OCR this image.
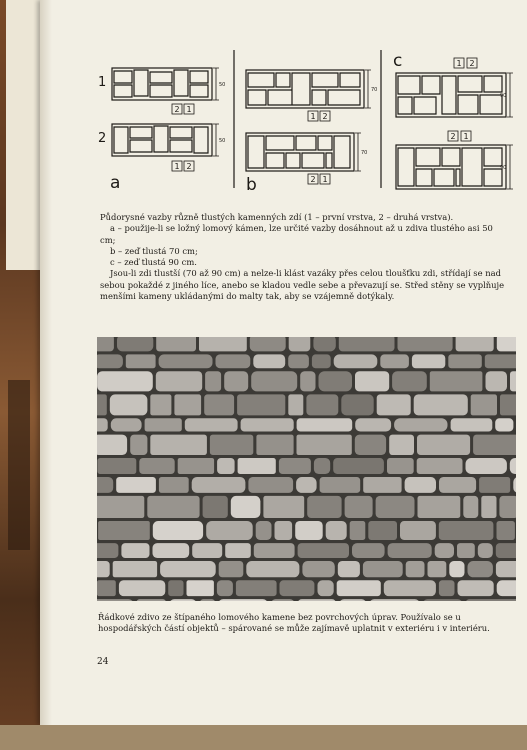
1
2
a	b
c
2 1
1 2
1 2
2 1
1 2
2 1
50
50
70
70
90
90

Půdorysné vazby různě tlustých kamenných zdí (1 – první vrstva, 2 – druhá vrstva).

a – použije-li se ložný lomový kámen, lze určité vazby dosáhnout až u zdiva tlustého asi 50 cm;

b – zeď tlustá 70 cm;

c – zeď tlustá 90 cm.

Jsou-li zdi tlustší (70 až 90 cm) a nelze-li klást vazáky přes celou tloušťku zdi, střídají se nad sebou pokaždé z jiného líce, anebo se kladou vedle sebe a převazují se. Střed stěny se vyplňuje menšími kameny ukládanými do malty tak, aby se vzájemně dotýkaly.

Řádkové zdivo ze štípaného lomového kamene bez povrchových úprav. Používalo se u hospodářských částí objektů – spárované se může zajímavě uplatnit v exteriéru i v interiéru.
24
